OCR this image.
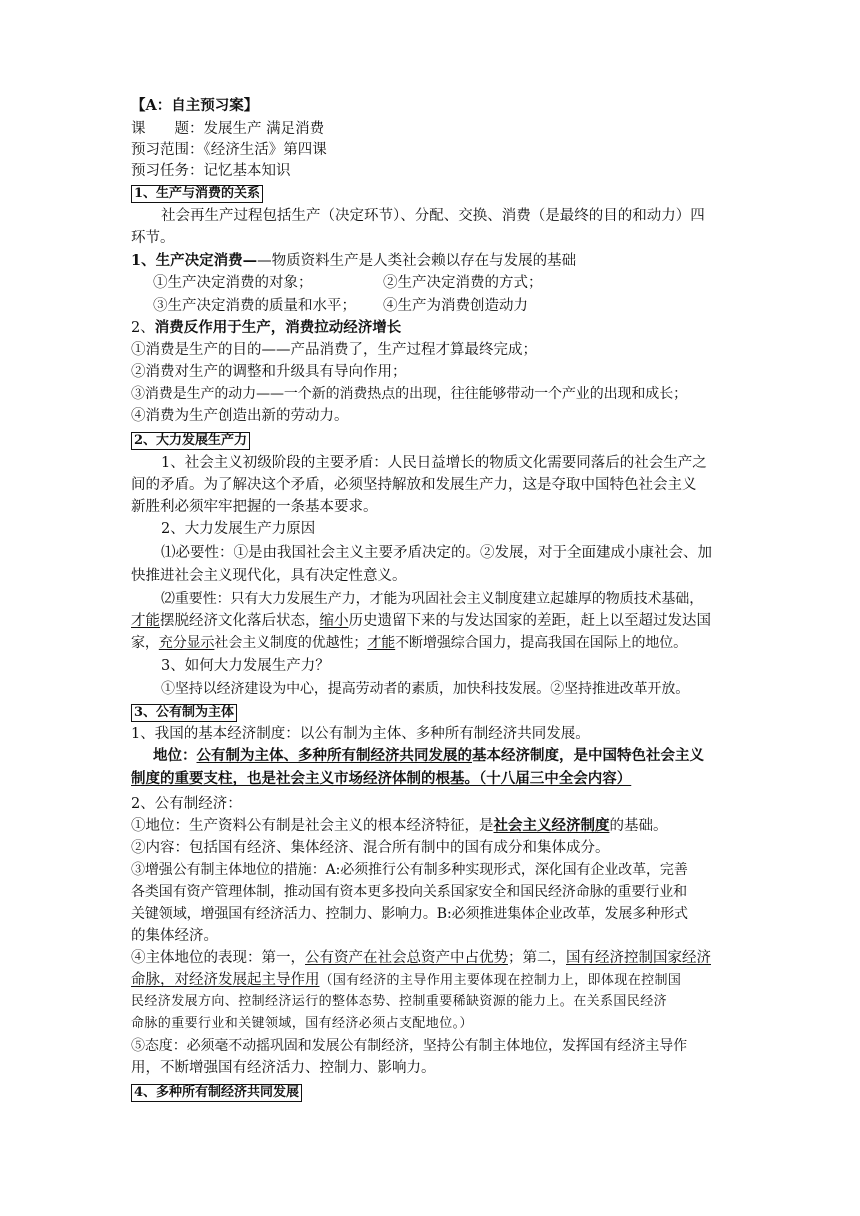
【A：自主预习案】
课　　题：发展生产 满足消费
预习范围：《经济生活》第四课
预习任务：记忆基本知识
1、生产与消费的关系
社会再生产过程包括生产（决定环节）、分配、交换、消费（是最终的目的和动力）四
环节。
1、生产决定消费——物质资料生产是人类社会赖以存在与发展的基础
①生产决定消费的对象；	②生产决定消费的方式；
③生产决定消费的质量和水平； ④生产为消费创造动力
2、消费反作用于生产，消费拉动经济增长
①消费是生产的目的——产品消费了，生产过程才算最终完成；
②消费对生产的调整和升级具有导向作用；
③消费是生产的动力——一个新的消费热点的出现，往往能够带动一个产业的出现和成长；
④消费为生产创造出新的劳动力。
2、大力发展生产力
1、社会主义初级阶段的主要矛盾：人民日益增长的物质文化需要同落后的社会生产之
间的矛盾。为了解决这个矛盾，必须坚持解放和发展生产力，这是夺取中国特色社会主义
新胜利必须牢牢把握的一条基本要求。
2、大力发展生产力原因
⑴必要性：①是由我国社会主义主要矛盾决定的。②发展，对于全面建成小康社会、加
快推进社会主义现代化，具有决定性意义。
⑵重要性：只有大力发展生产力，才能为巩固社会主义制度建立起雄厚的物质技术基础，
才能摆脱经济文化落后状态，缩小历史遗留下来的与发达国家的差距，赶上以至超过发达国
家，充分显示社会主义制度的优越性；才能不断增强综合国力，提高我国在国际上的地位。
3、如何大力发展生产力？
①坚持以经济建设为中心，提高劳动者的素质，加快科技发展。②坚持推进改革开放。
3、公有制为主体
1、我国的基本经济制度：以公有制为主体、多种所有制经济共同发展。
地位：公有制为主体、多种所有制经济共同发展的基本经济制度，是中国特色社会主义
制度的重要支柱，也是社会主义市场经济体制的根基。（十八届三中全会内容）
2、公有制经济：
①地位：生产资料公有制是社会主义的根本经济特征，是社会主义经济制度的基础。
②内容：包括国有经济、集体经济、混合所有制中的国有成分和集体成分。
③增强公有制主体地位的措施：A:必须推行公有制多种实现形式，深化国有企业改革，完善
各类国有资产管理体制，推动国有资本更多投向关系国家安全和国民经济命脉的重要行业和
关键领域，增强国有经济活力、控制力、影响力。B:必须推进集体企业改革，发展多种形式
的集体经济。
④主体地位的表现：第一，公有资产在社会总资产中占优势；第二，国有经济控制国家经济
命脉，对经济发展起主导作用（国有经济的主导作用主要体现在控制力上，即体现在控制国
民经济发展方向、控制经济运行的整体态势、控制重要稀缺资源的能力上。在关系国民经济
命脉的重要行业和关键领域，国有经济必须占支配地位。）
⑤态度：必须毫不动摇巩固和发展公有制经济，坚持公有制主体地位，发挥国有经济主导作
用，不断增强国有经济活力、控制力、影响力。
4、多种所有制经济共同发展
